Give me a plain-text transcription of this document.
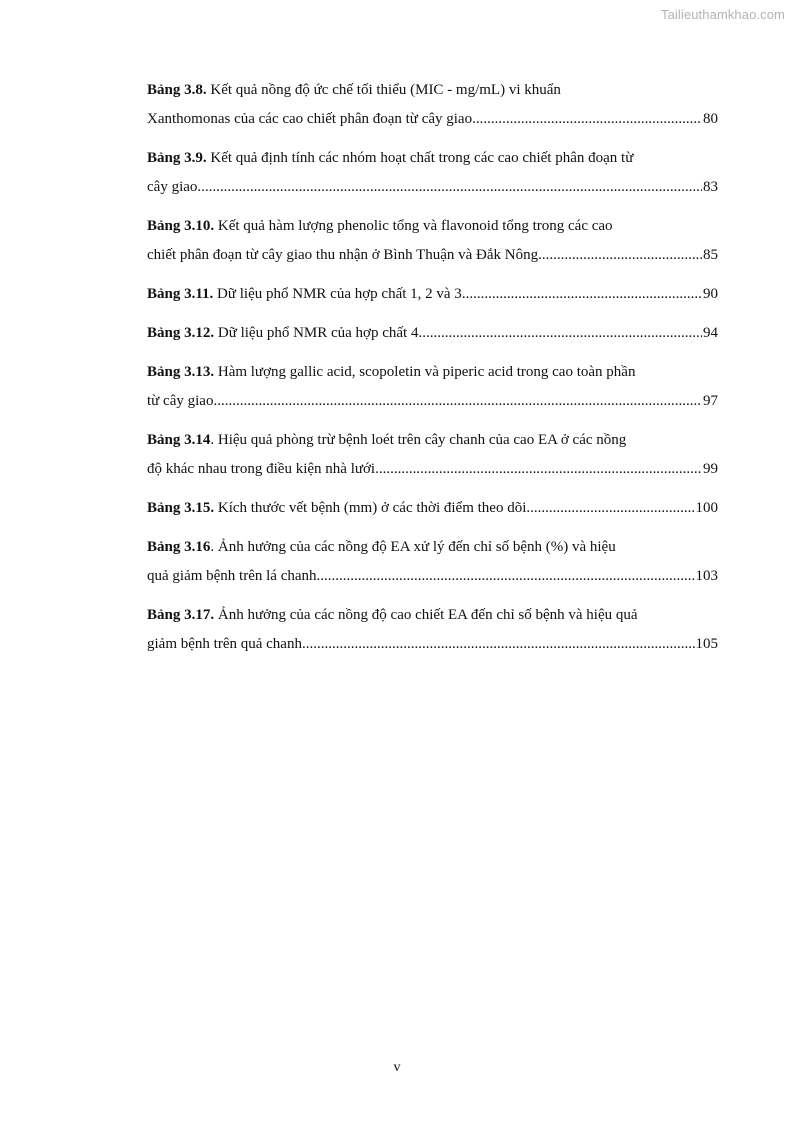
Tailieuthamkhao.com
Bảng 3.8. Kết quả nồng độ ức chế tối thiểu (MIC - mg/mL) vi khuẩn
Xanthomonas của các cao chiết phân đoạn từ cây giao .....	80
Bảng 3.9. Kết quả định tính các nhóm hoạt chất trong các cao chiết phân đoạn từ
cây giao .....	83
Bảng 3.10. Kết quả hàm lượng phenolic tổng và flavonoid tổng trong các cao
chiết phân đoạn từ cây giao thu nhận ở Bình Thuận và Đắk Nông .....	85
Bảng 3.11. Dữ liệu phổ NMR của hợp chất 1, 2 và 3 .....	90
Bảng 3.12. Dữ liệu phổ NMR của hợp chất 4 .....	94
Bảng 3.13. Hàm lượng gallic acid, scopoletin và piperic acid trong cao toàn phần
từ cây giao .....	97
Bảng 3.14. Hiệu quả phòng trừ bệnh loét trên cây chanh của cao EA ở các nồng
độ khác nhau trong điều kiện nhà lưới .....	99
Bảng 3.15. Kích thước vết bệnh (mm) ở các thời điểm theo dõi .....	100
Bảng 3.16. Ảnh hưởng của các nồng độ EA xử lý đến chỉ số bệnh (%) và hiệu
quả giảm bệnh trên lá chanh .....	103
Bảng 3.17. Ảnh hưởng của các nồng độ cao chiết EA đến chỉ số bệnh và hiệu quả
giảm bệnh trên quả chanh .....	105
v
